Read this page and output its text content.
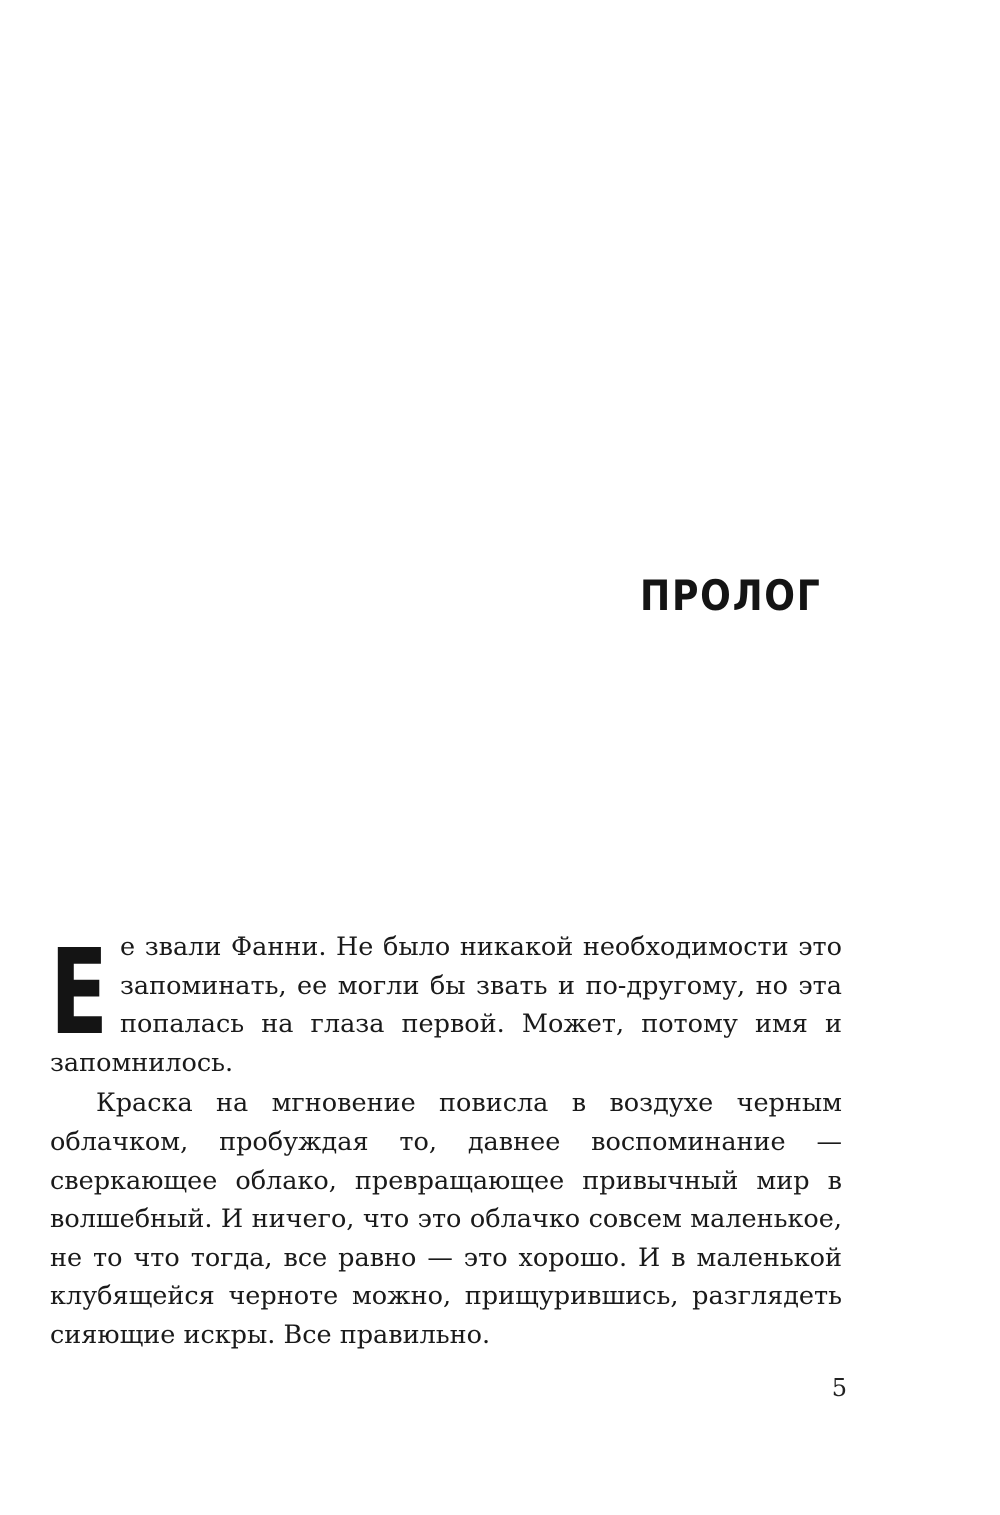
пролог

Ее звали Фанни. Не было никакой необходимости это запоминать, ее могли бы звать и по-другому, но эта попалась на глаза первой. Может, потому имя и запомнилось.

Краска на мгновение повисла в воздухе черным облачком, пробуждая то, давнее воспоминание — сверкающее облако, превращающее привычный мир в волшебный. И ничего, что это облачко совсем маленькое, не то что тогда, все равно — это хорошо. И в маленькой клубящейся черноте можно, прищурившись, разглядеть сияющие искры. Все правильно.

5
